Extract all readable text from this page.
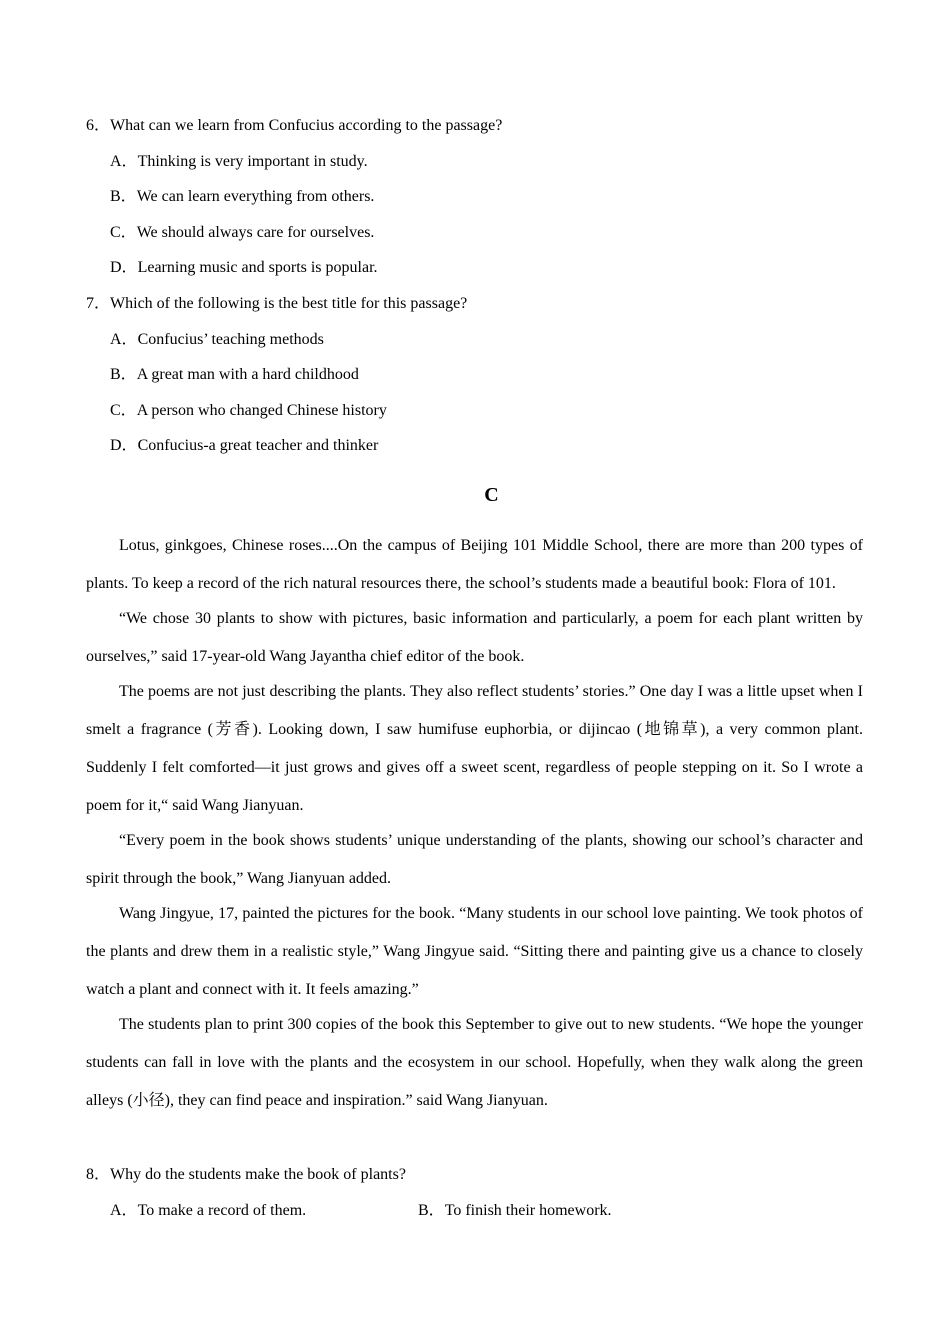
6．What can we learn from Confucius according to the passage?
A．Thinking is very important in study.
B．We can learn everything from others.
C．We should always care for ourselves.
D．Learning music and sports is popular.
7．Which of the following is the best title for this passage?
A．Confucius’ teaching methods
B．A great man with a hard childhood
C．A person who changed Chinese history
D．Confucius-a great teacher and thinker
C

Lotus, ginkgoes, Chinese roses....On the campus of Beijing 101 Middle School, there are more than 200 types of plants. To keep a record of the rich natural resources there, the school’s students made a beautiful book: Flora of 101.

“We chose 30 plants to show with pictures, basic information and particularly, a poem for each plant written by ourselves,” said 17-year-old Wang Jayantha chief editor of the book.

The poems are not just describing the plants. They also reflect students’ stories.” One day I was a little upset when I smelt a fragrance (芳香). Looking down, I saw humifuse euphorbia, or dijincao (地锦草), a very common plant. Suddenly I felt comforted—it just grows and gives off a sweet scent, regardless of people stepping on it. So I wrote a poem for it,“ said Wang Jianyuan.

“Every poem in the book shows students’ unique understanding of the plants, showing our school’s character and spirit through the book,” Wang Jianyuan added.

Wang Jingyue, 17, painted the pictures for the book. “Many students in our school love painting. We took photos of the plants and drew them in a realistic style,” Wang Jingyue said. “Sitting there and painting give us a chance to closely watch a plant and connect with it. It feels amazing.”

The students plan to print 300 copies of the book this September to give out to new students. “We hope the younger students can fall in love with the plants and the ecosystem in our school. Hopefully, when they walk along the green alleys (小径), they can find peace and inspiration.” said Wang Jianyuan.

8．Why do the students make the book of plants?
A．To make a record of them.	B．To finish their homework.
